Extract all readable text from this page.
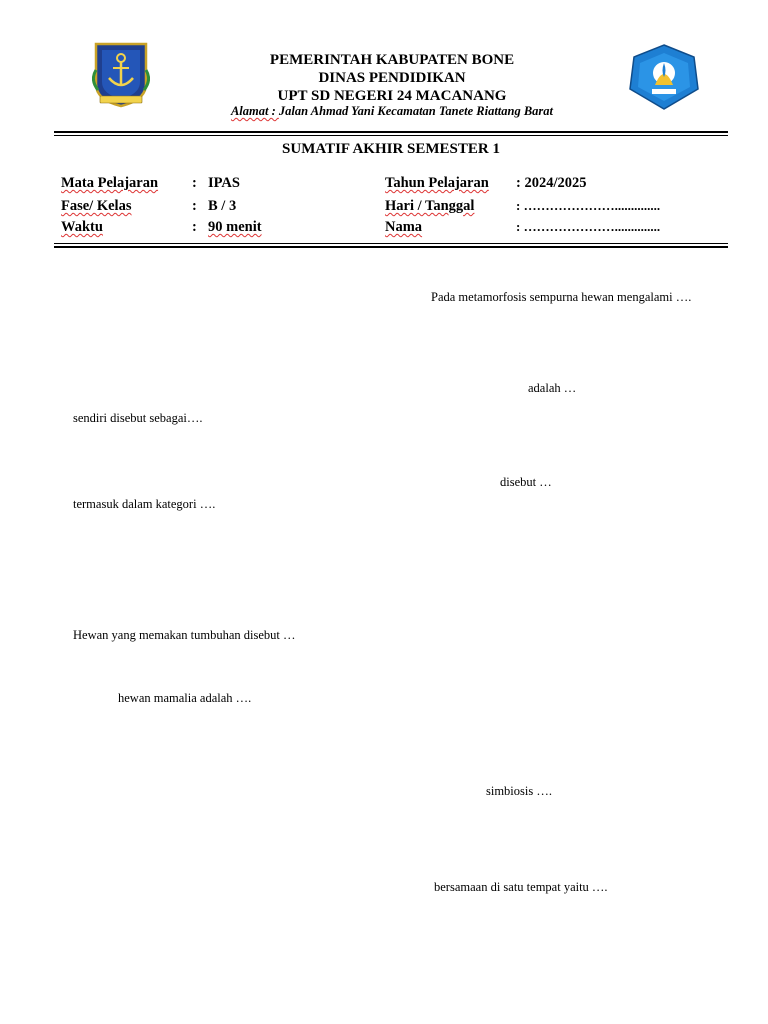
PEMERINTAH KABUPATEN BONE
DINAS PENDIDIKAN
UPT SD NEGERI 24 MACANANG
Alamat : Jalan Ahmad Yani Kecamatan Tanete Riattang Barat
SUMATIF AKHIR SEMESTER 1
Mata Pelajaran : IPAS
Fase/ Kelas	: B / 3
Waktu	: 90 menit
Tahun Pelajaran : 2024/2025
Hari / Tanggal	: …………………..............
Nama	: …………………..............
Pada metamorfosis sempurna hewan mengalami ….
adalah …
sendiri disebut sebagai….
disebut …
termasuk dalam kategori ….
Hewan yang memakan tumbuhan disebut …
hewan mamalia adalah ….
simbiosis ….
bersamaan di satu tempat yaitu ….
